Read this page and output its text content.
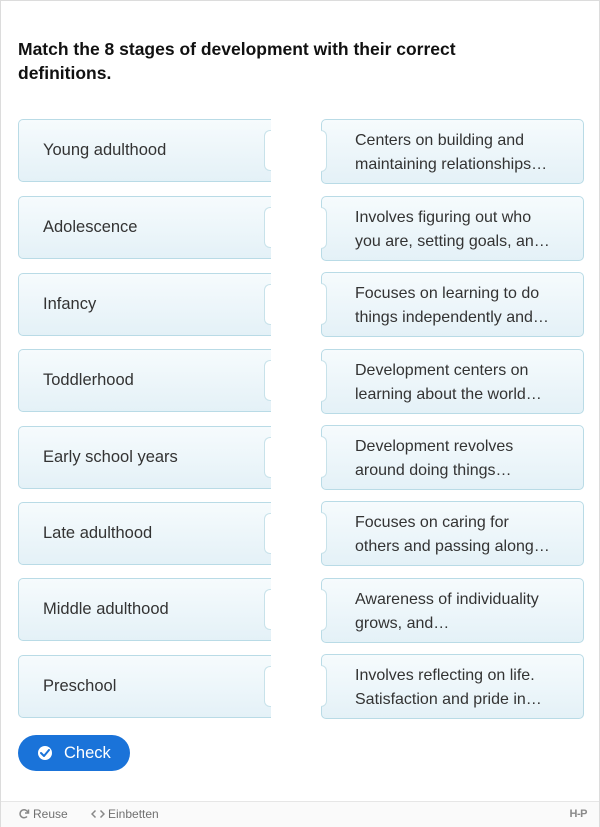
Match the 8 stages of development with their correct definitions.
Young adulthood
Adolescence
Infancy
Toddlerhood
Early school years
Late adulthood
Middle adulthood
Preschool
Centers on building and
maintaining relationships…
Involves figuring out who
you are, setting goals, an…
Focuses on learning to do
things independently and…
Development centers on
learning about the world…
Development revolves
around doing things…
Focuses on caring for
others and passing along…
Awareness of individuality
grows, and…
Involves reflecting on life.
Satisfaction and pride in…
Check
Reuse	Einbetten	H-P
